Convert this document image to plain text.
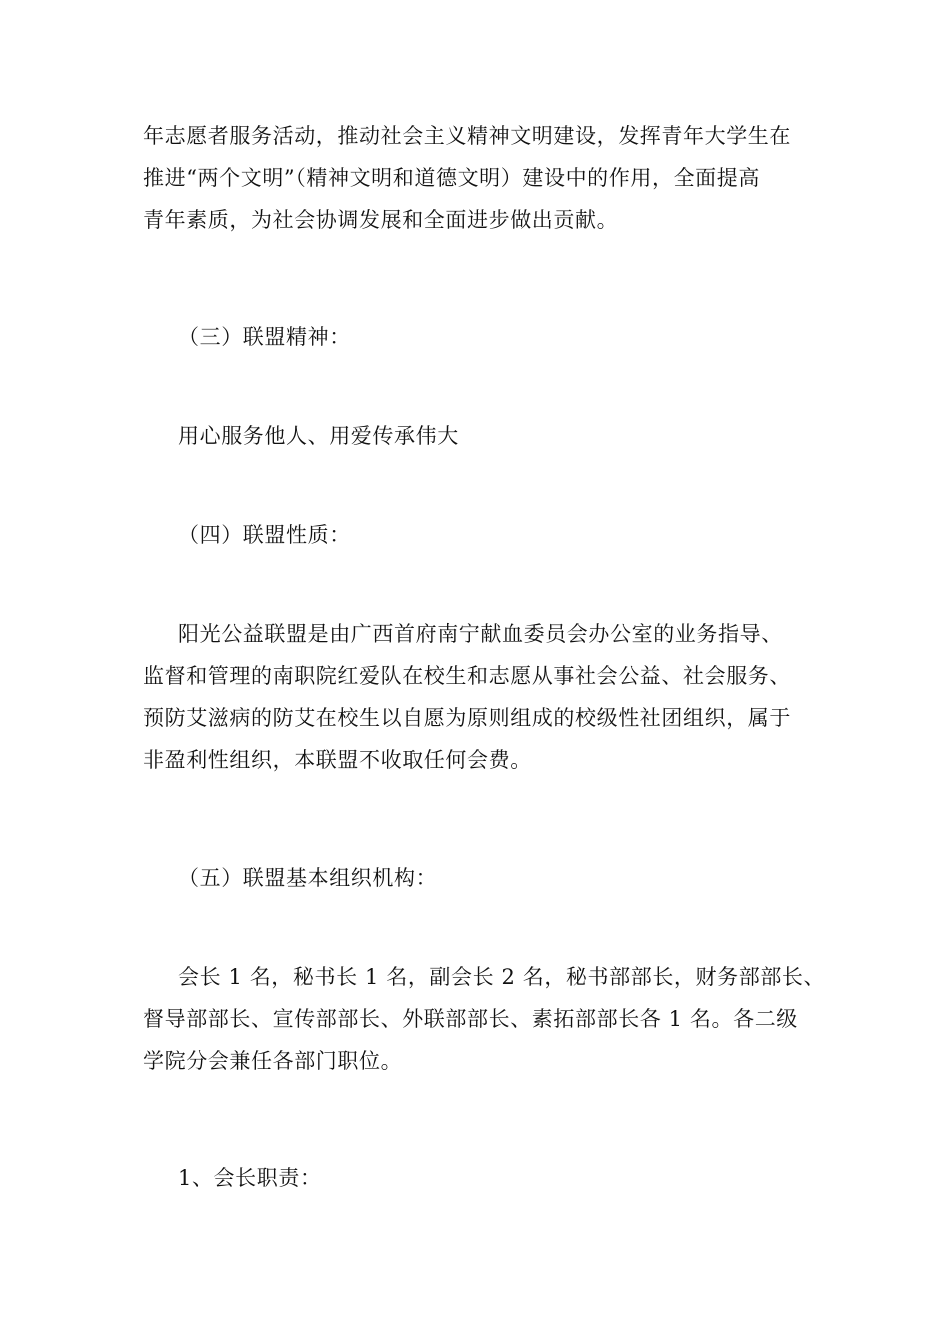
年志愿者服务活动，推动社会主义精神文明建设，发挥青年大学生在
推进“两个文明”（精神文明和道德文明）建设中的作用，全面提高
青年素质，为社会协调发展和全面进步做出贡献。
（三）联盟精神：
用心服务他人、用爱传承伟大
（四）联盟性质：
阳光公益联盟是由广西首府南宁献血委员会办公室的业务指导、
监督和管理的南职院红爱队在校生和志愿从事社会公益、社会服务、
预防艾滋病的防艾在校生以自愿为原则组成的校级性社团组织，属于
非盈利性组织，本联盟不收取任何会费。
（五）联盟基本组织机构：
会长 1 名，秘书长 1 名，副会长 2 名，秘书部部长，财务部部长、
督导部部长、宣传部部长、外联部部长、素拓部部长各 1 名。各二级
学院分会兼任各部门职位。
1、会长职责：
